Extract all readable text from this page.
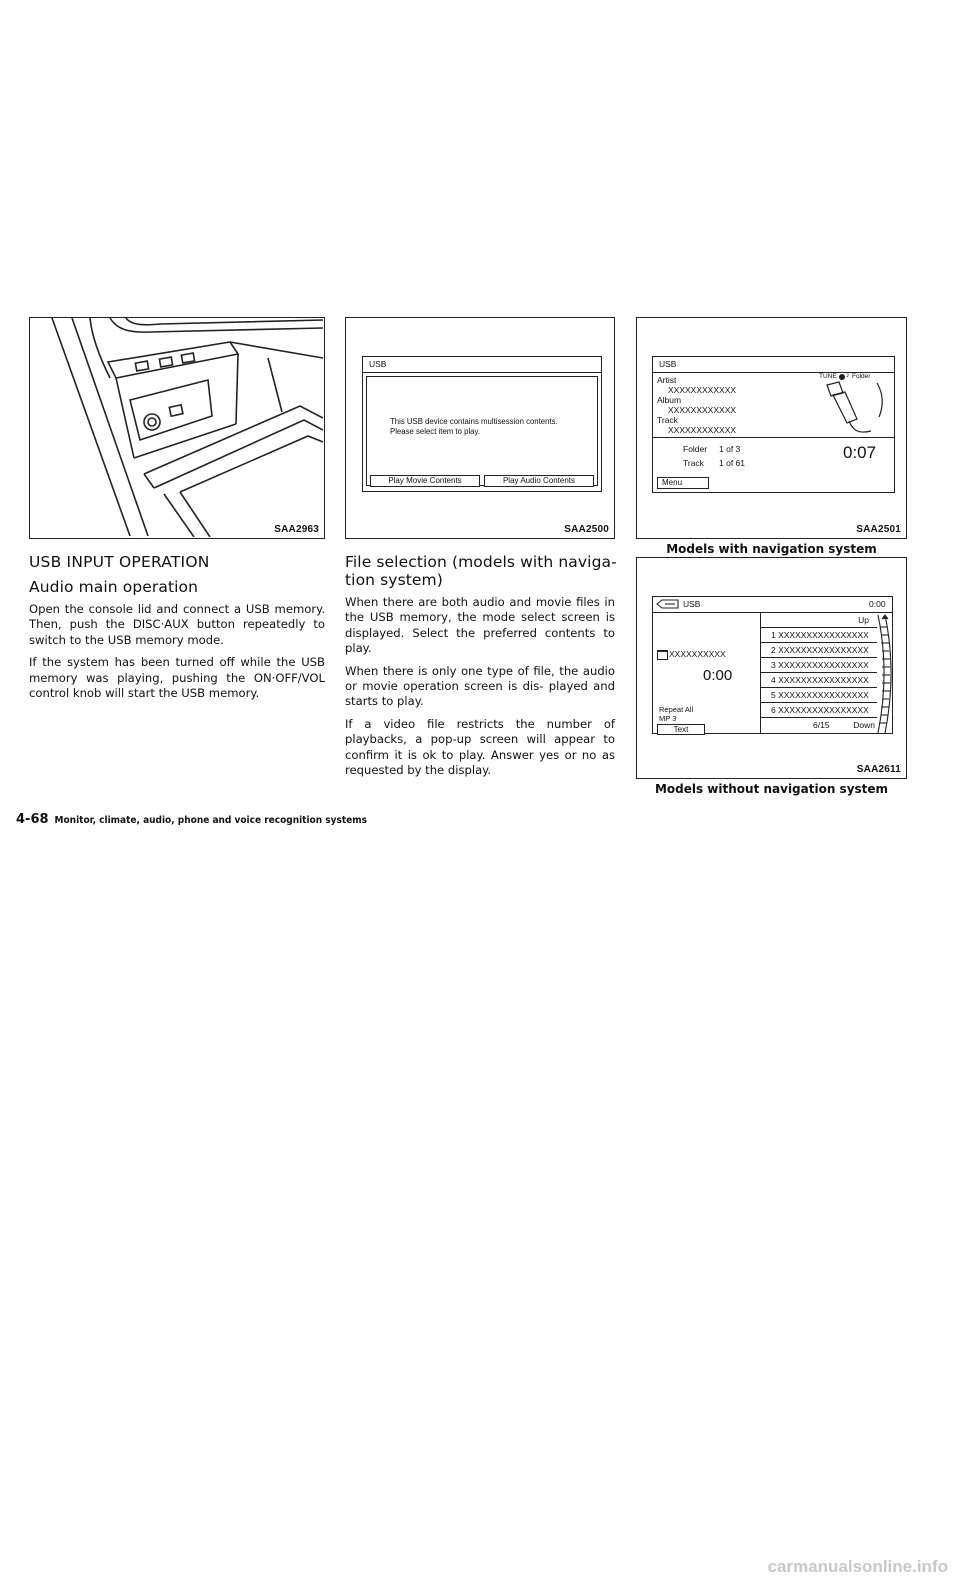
SAA2963
USB
This USB device contains multisession contents.
Please select item to play.
Play Movie Contents	Play Audio Contents
SAA2500
USB
Artist
XXXXXXXXXXXX
Album
XXXXXXXXXXXX
Track
XXXXXXXXXXXX
TUNE ♪ Folder
Folder 1 of 3
Track 1 of 61
0:07
Menu
SAA2501
Models with navigation system
USB	0:00
XXXXXXXXXX
0:00
Repeat All
MP 3
Text
Up
1 XXXXXXXXXXXXXXXX
2 XXXXXXXXXXXXXXXX
3 XXXXXXXXXXXXXXXX
4 XXXXXXXXXXXXXXXX
5 XXXXXXXXXXXXXXXX
6 XXXXXXXXXXXXXXXX
6/15	Down
SAA2611
Models without navigation system
USB INPUT OPERATION
Audio main operation

Open the console lid and connect a USB memory. Then, push the DISC·AUX button repeatedly to switch to the USB memory mode.

If the system has been turned off while the USB memory was playing, pushing the ON·OFF/VOL control knob will start the USB memory.

File selection (models with naviga-
tion system)

When there are both audio and movie files in the USB memory, the mode select screen is displayed. Select the preferred contents to play.

When there is only one type of file, the audio or movie operation screen is dis- played and starts to play.

If a video file restricts the number of playbacks, a pop-up screen will appear to confirm it is ok to play. Answer yes or no as requested by the display.

4-68 Monitor, climate, audio, phone and voice recognition systems
carmanualsonline.info
